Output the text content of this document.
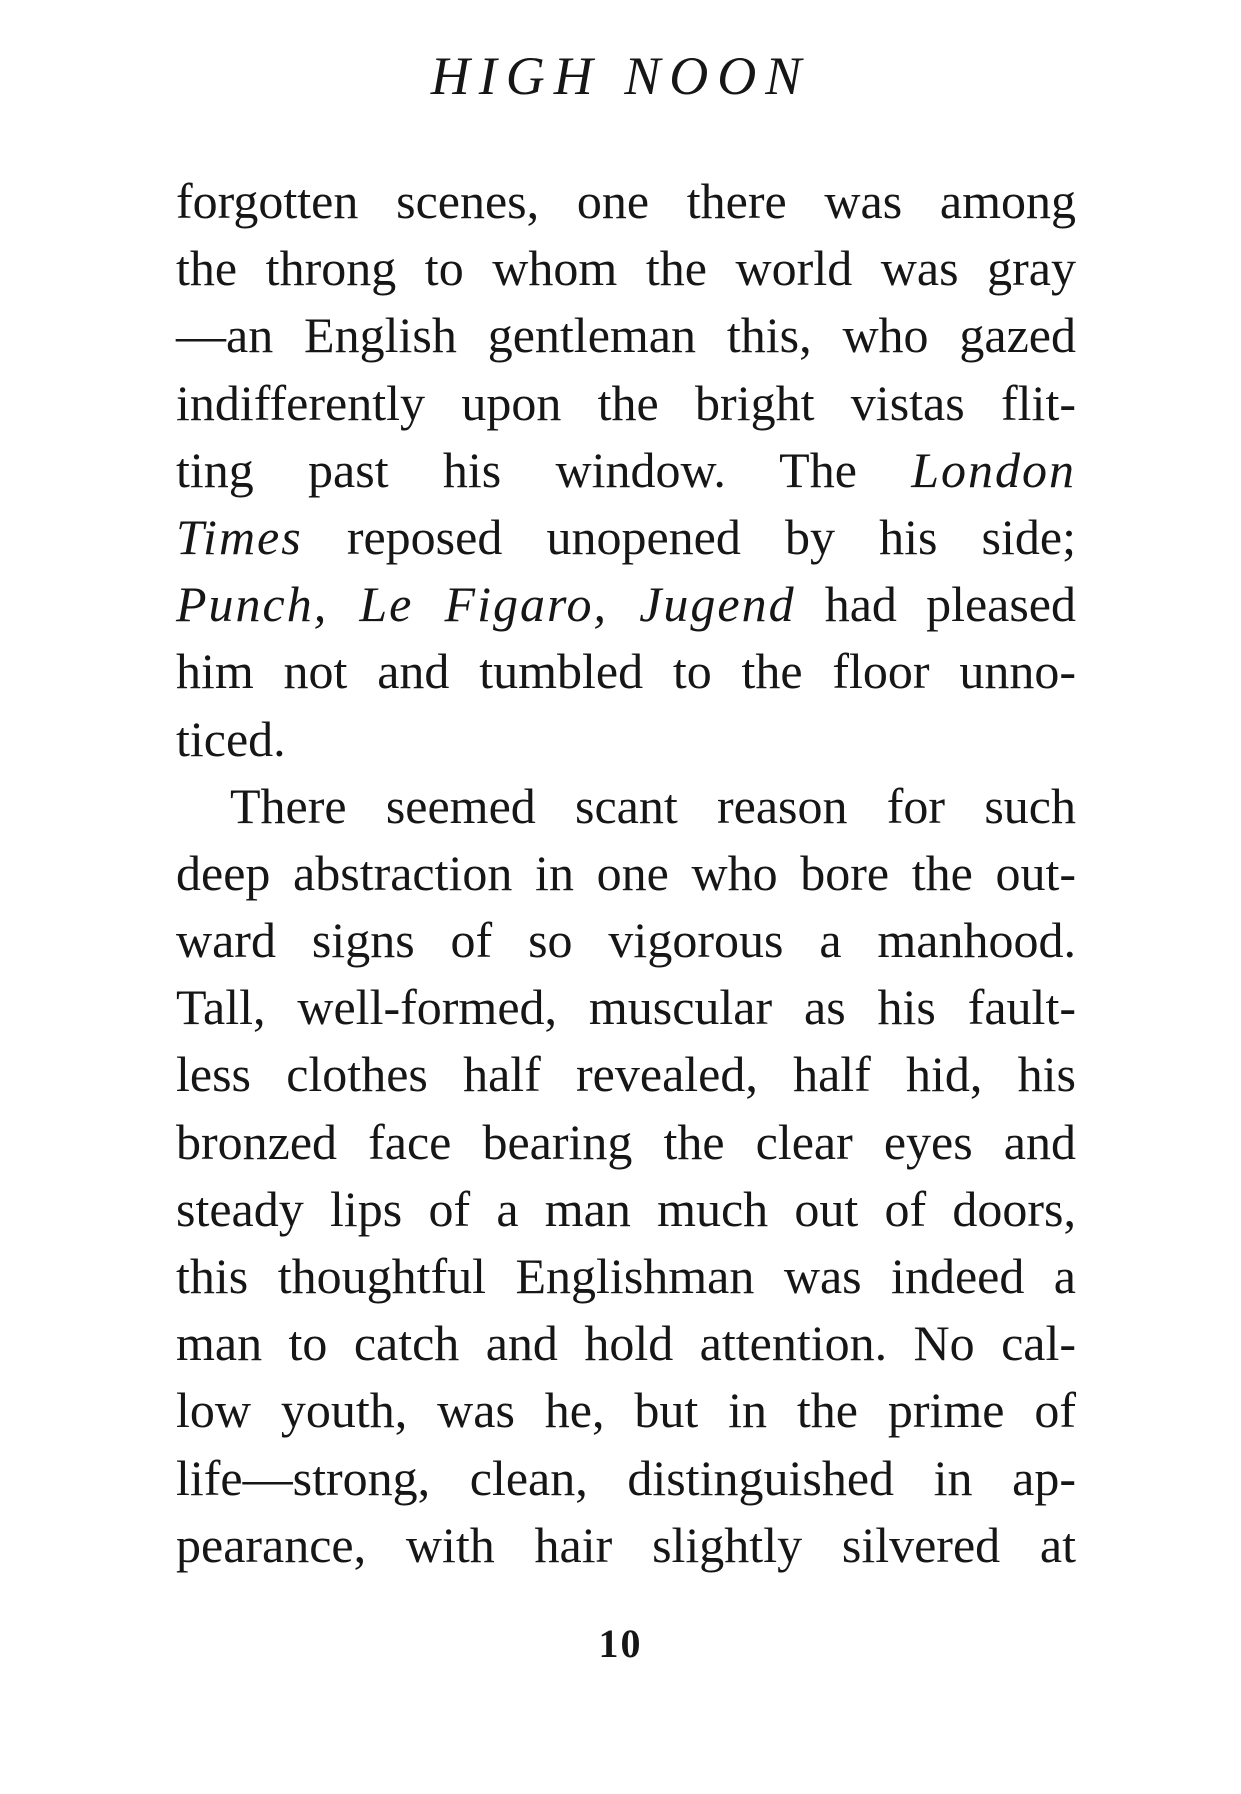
HIGH NOON
forgotten scenes, one there was among
the throng to whom the world was gray
—an English gentleman this, who gazed
indifferently upon the bright vistas flit-
ting past his window. The London
Times reposed unopened by his side;
Punch, Le Figaro, Jugend had pleased
him not and tumbled to the floor unno-
ticed.
There seemed scant reason for such
deep abstraction in one who bore the out-
ward signs of so vigorous a manhood.
Tall, well-formed, muscular as his fault-
less clothes half revealed, half hid, his
bronzed face bearing the clear eyes and
steady lips of a man much out of doors,
this thoughtful Englishman was indeed a
man to catch and hold attention. No cal-
low youth, was he, but in the prime of
life—strong, clean, distinguished in ap-
pearance, with hair slightly silvered at
10
